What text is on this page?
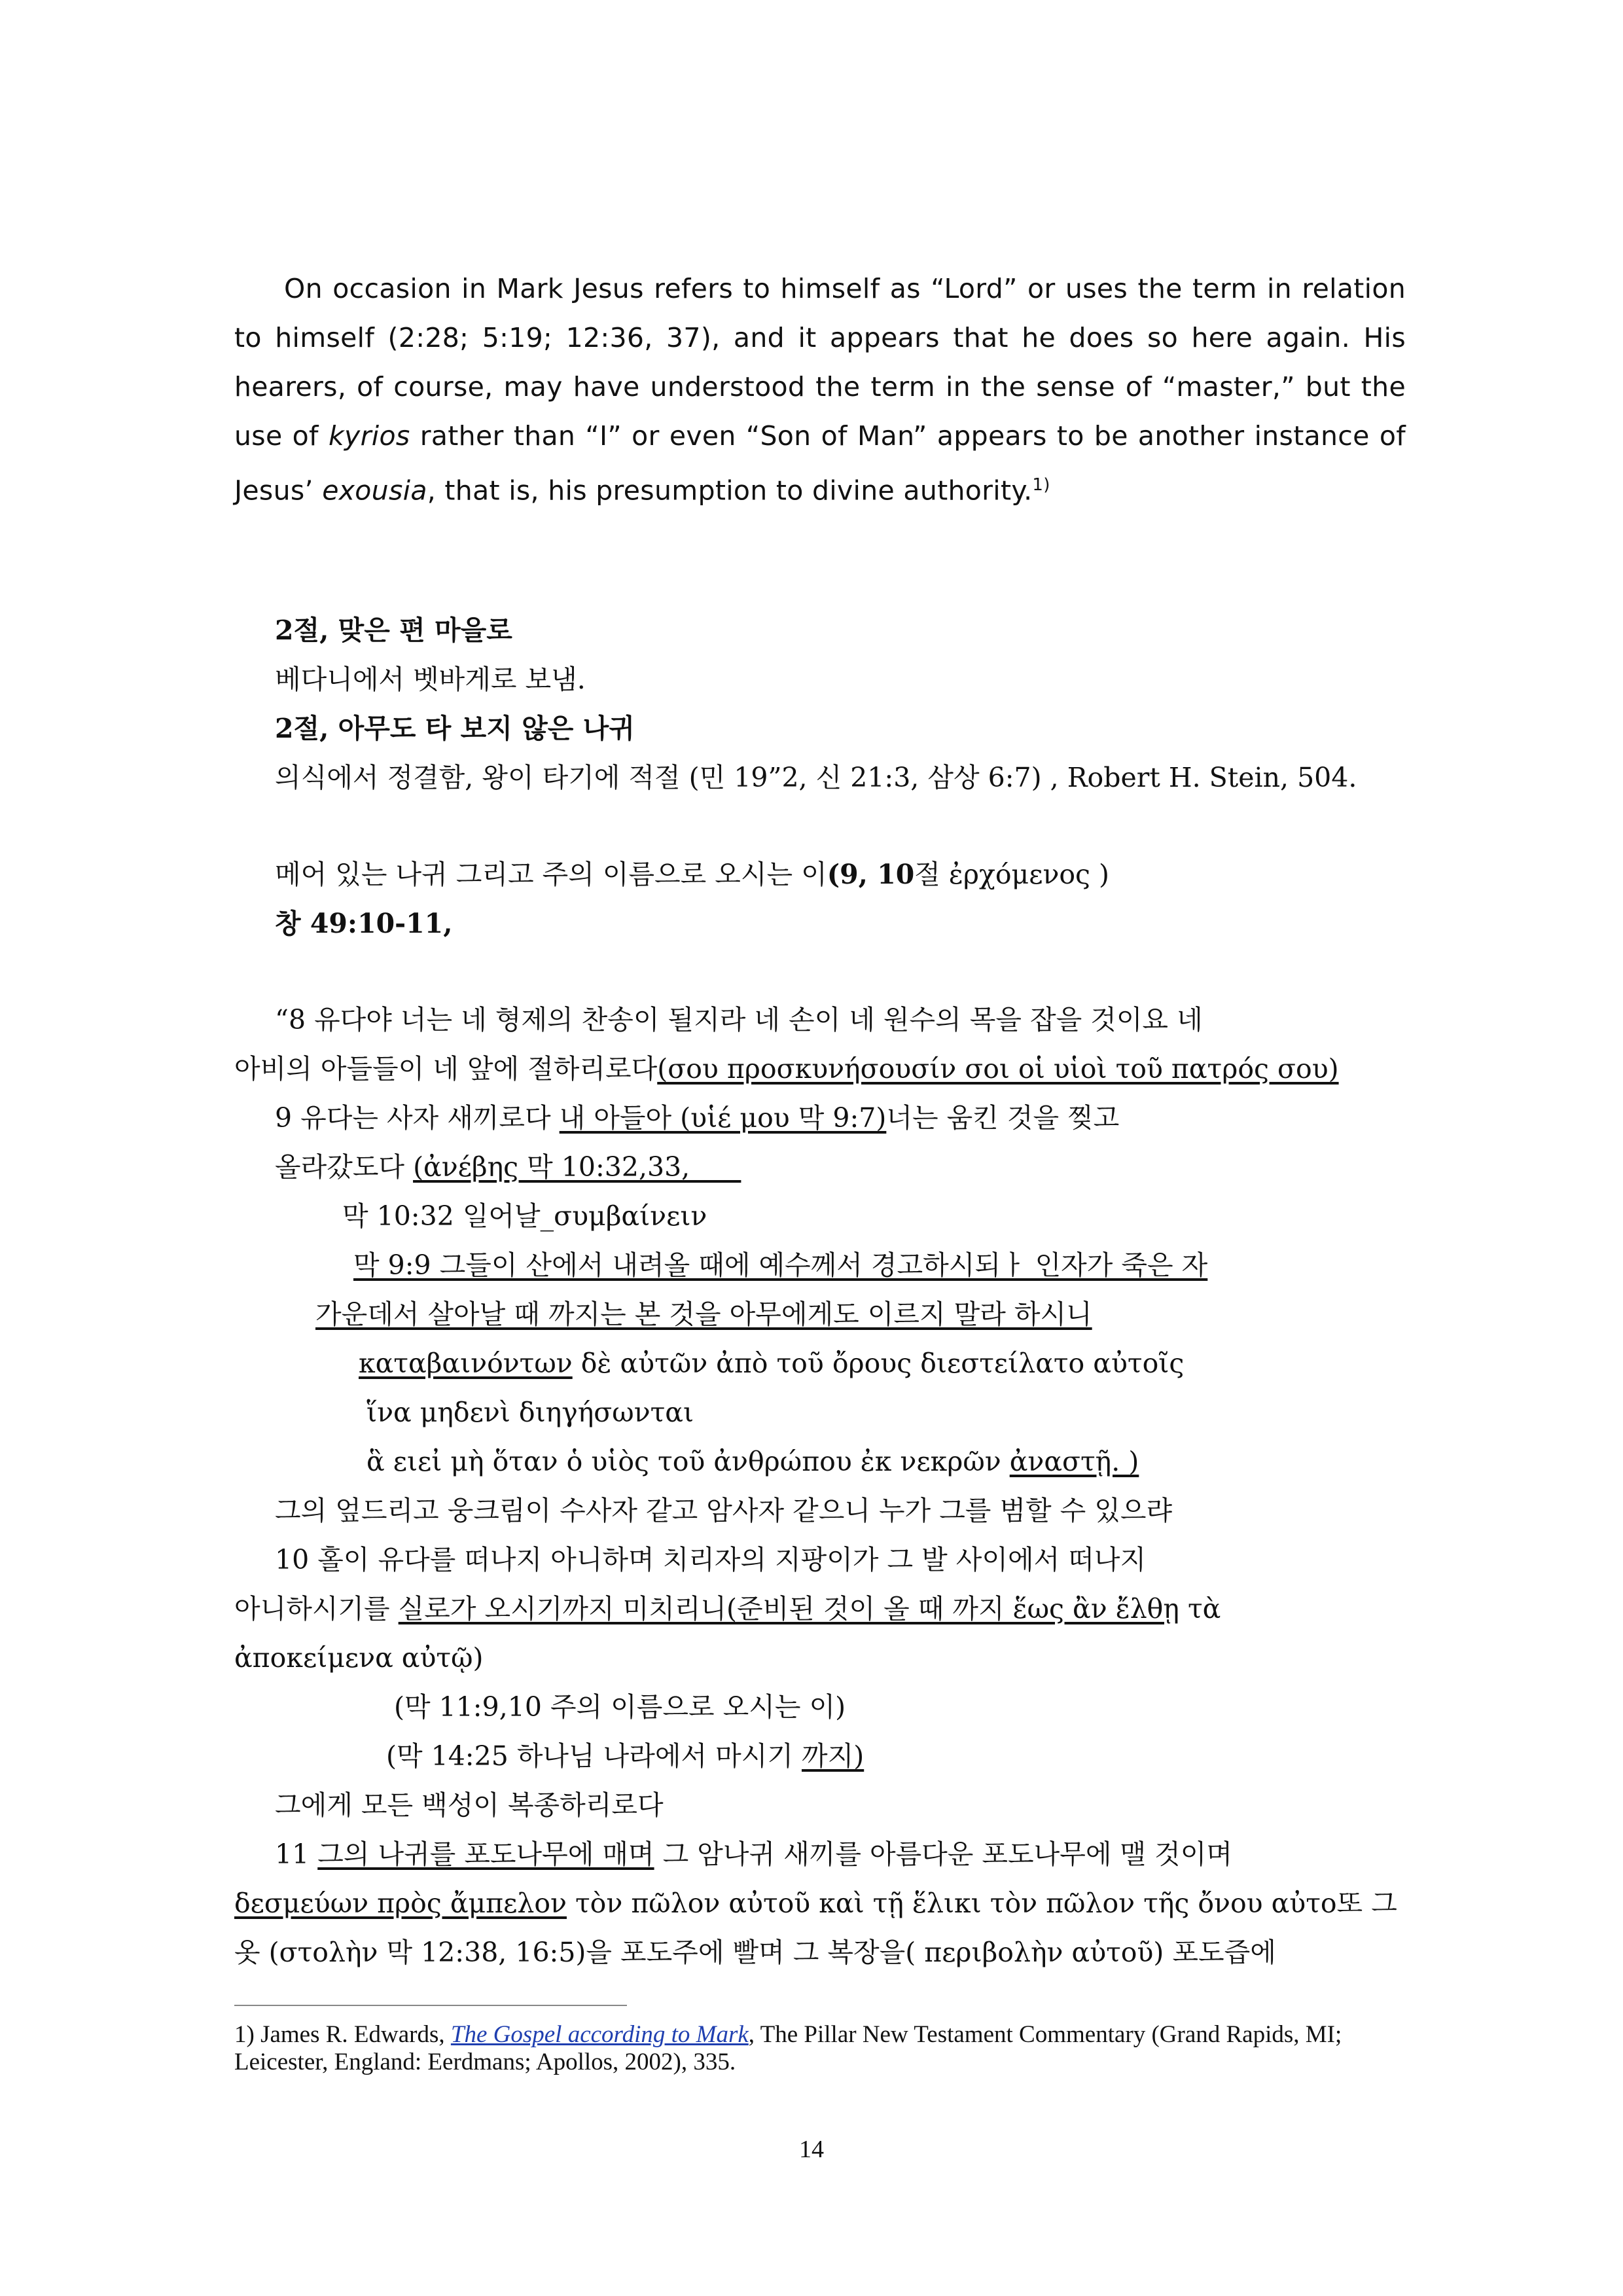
On occasion in Mark Jesus refers to himself as “Lord” or uses the term in relation to himself (2:28; 5:19; 12:36, 37), and it appears that he does so here again. His hearers, of course, may have understood the term in the sense of “master,” but the use of kyrios rather than “I” or even “Son of Man” appears to be another instance of Jesus’ exousia, that is, his presumption to divine authority.$^{1)}$

2절, 맞은 편 마을로
베다니에서 벳바게로 보냄.
2절, 아무도 타 보지 않은 나귀
의식에서 정결함, 왕이 타기에 적절 (민 19”2, 신 21:3, 삼상 6:7) , Robert H. Stein, 504.
메어 있는 나귀 그리고 주의 이름으로 오시는 이(9, 10절 ἐρχόμενος )
창 49:10-11,
“8 유다야 너는 네 형제의 찬송이 될지라 네 손이 네 원수의 목을 잡을 것이요 네
아비의 아들들이 네 앞에 절하리로다(σου προσκυνήσουσίν σοι οἱ υἱοὶ τοῦ πατρός σου)
9 유다는 사자 새끼로다 내 아들아 (υἱέ μου 막 9:7)너는 움킨 것을 찢고
올라갔도다 (ἀνέβης 막 10:32,33,
막 10:32 일어날_συμβαίνειν
막 9:9 그들이 산에서 내려올 때에 예수께서 경고하시되ㅏ 인자가 죽은 자
가운데서 살아날 때 까지는 본 것을 아무에게도 이르지 말라 하시니
καταβαινόντων δὲ αὐτῶν ἀπὸ τοῦ ὄρους διεστείλατο αὐτοῖς
ἵνα μηδενὶ διηγήσωνται
ἃ ειεἰ μὴ ὅταν ὁ υἱὸς τοῦ ἀνθρώπου ἐκ νεκρῶν ἀναστῇ. )
그의 엎드리고 웅크림이 수사자 같고 암사자 같으니 누가 그를 범할 수 있으랴
10 홀이 유다를 떠나지 아니하며 치리자의 지팡이가 그 발 사이에서 떠나지
아니하시기를 실로가 오시기까지 미치리니(준비된 것이 올 때 까지 ἕως ἂν ἔλθῃ τὰ
ἀποκείμενα αὐτῷ)
(막 11:9,10 주의 이름으로 오시는 이)
(막 14:25 하나님 나라에서 마시기 까지)
그에게 모든 백성이 복종하리로다
11 그의 나귀를 포도나무에 매며 그 암나귀 새끼를 아름다운 포도나무에 맬 것이며
δεσμεύων πρὸς ἄμπελον τὸν πῶλον αὐτοῦ καὶ τῇ ἕλικι τὸν πῶλον τῆς ὄνου αὐτο또 그
옷 (στολὴν 막 12:38, 16:5)을 포도주에 빨며 그 복장을( περιβολὴν αὐτοῦ) 포도즙에
1) James R. Edwards, The Gospel according to Mark, The Pillar New Testament Commentary (Grand Rapids, MI; Leicester, England: Eerdmans; Apollos, 2002), 335.
14
